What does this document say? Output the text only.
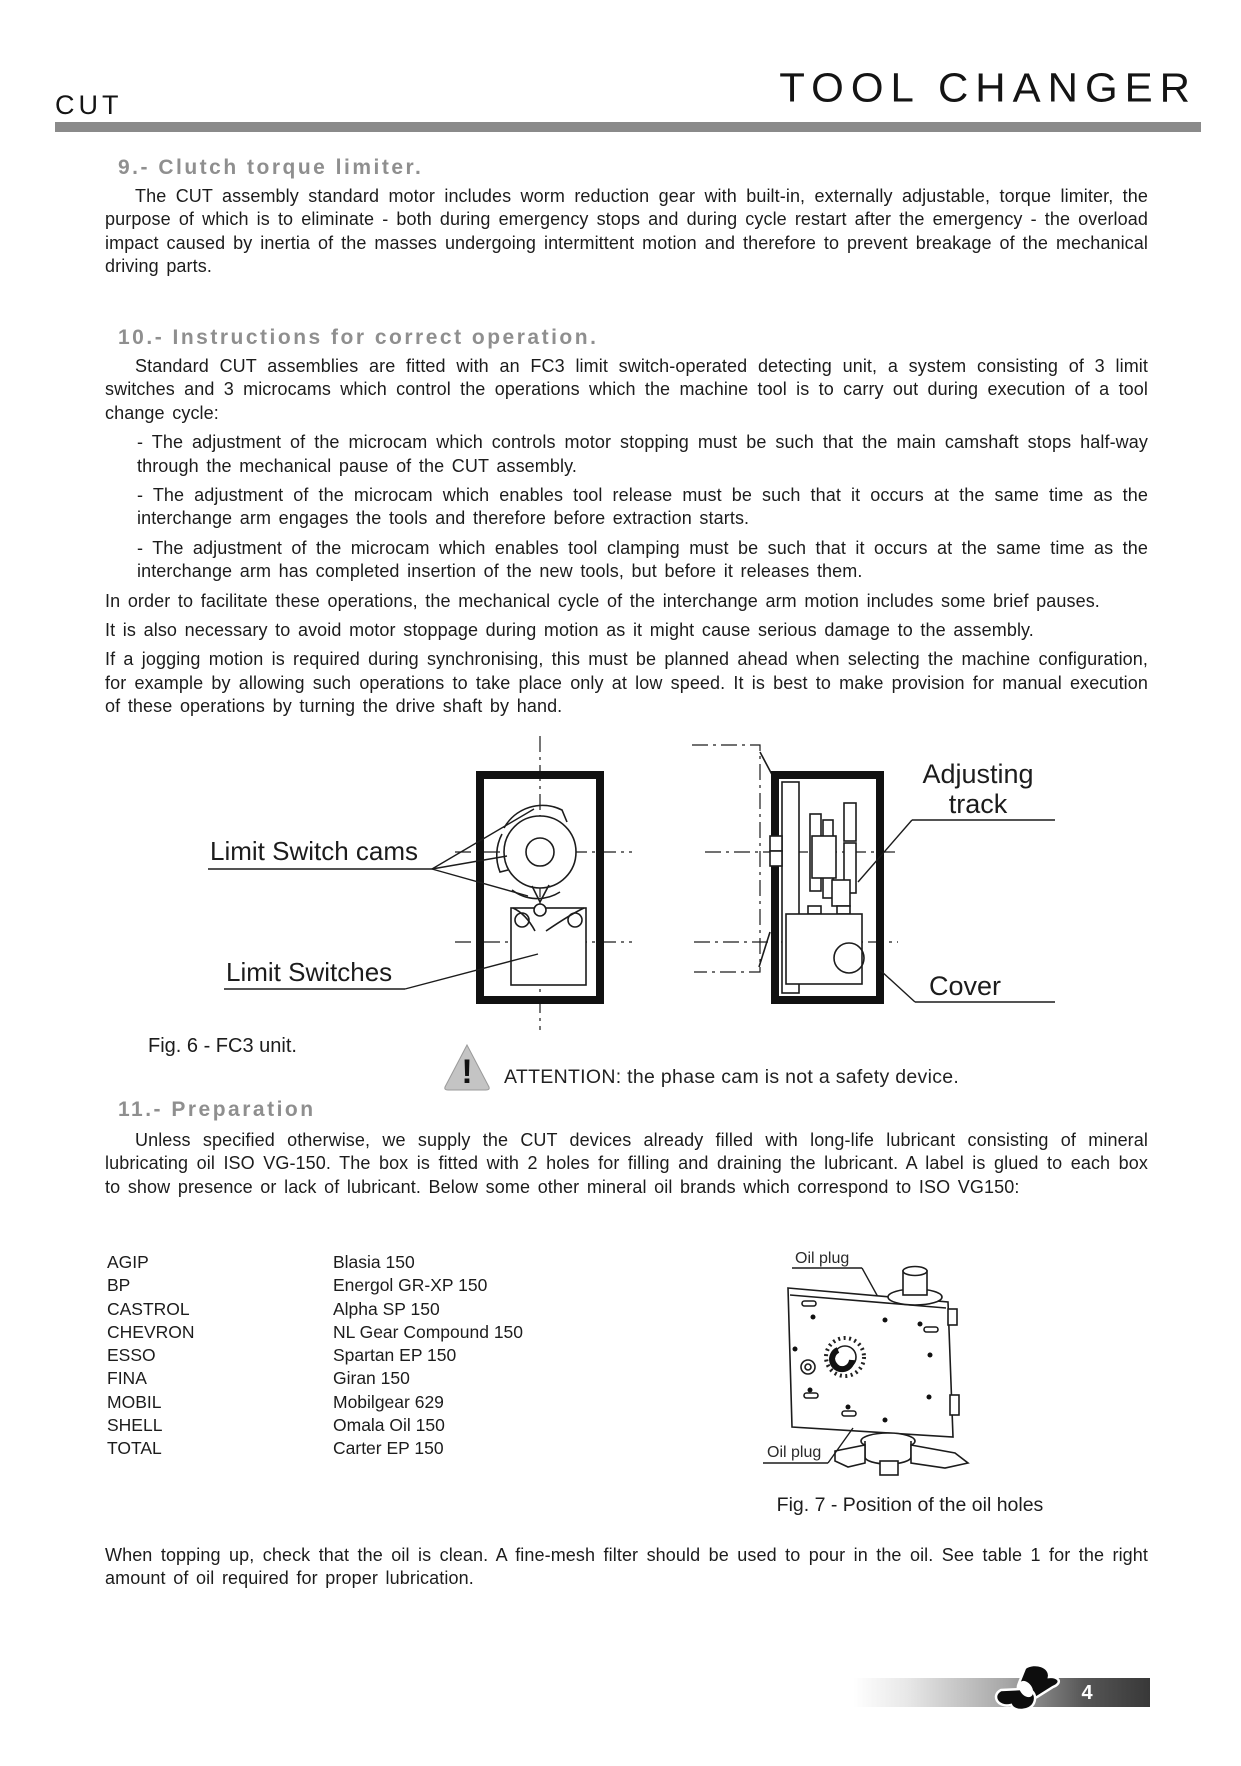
CUT	TOOL CHANGER
9.- Clutch torque limiter.

The CUT assembly standard motor includes worm reduction gear with built-in, externally adjustable, torque limiter, the purpose of which is to eliminate - both during emergency stops and during cycle restart after the emergency - the overload impact caused by inertia of the masses undergoing intermittent motion and therefore to prevent breakage of the mechanical driving parts.

10.- Instructions for correct operation.

Standard CUT assemblies are fitted with an FC3 limit switch-operated detecting unit, a system consisting of 3 limit switches and 3 microcams which control the operations which the machine tool is to carry out during execution of a tool change cycle:

- The adjustment of the microcam which controls motor stopping must be such that the main camshaft stops half-way through the mechanical pause of the CUT assembly.

- The adjustment of the microcam which enables tool release must be such that it occurs at the same time as the interchange arm engages the tools and therefore before extraction starts.

- The adjustment of the microcam which enables tool clamping must be such that it occurs at the same time as the interchange arm has completed insertion of the new tools, but before it releases them.

In order to facilitate these operations, the mechanical cycle of the interchange arm motion includes some brief pauses.

It is also necessary to avoid motor stoppage during motion as it might cause serious damage to the assembly.

If a jogging motion is required during synchronising, this must be planned ahead when selecting the machine configuration, for example by allowing such operations to take place only at low speed. It is best to make provision for manual execution of these operations by turning the drive shaft by hand.

Limit Switch cams
Limit Switches
Adjusting
track
Cover
Fig. 6 - FC3 unit.
! ATTENTION: the phase cam is not a safety device.
11.- Preparation

Unless specified otherwise, we supply the CUT devices already filled with long-life lubricant consisting of mineral lubricating oil ISO VG-150. The box is fitted with 2 holes for filling and draining the lubricant. A label is glued to each box to show presence or lack of lubricant. Below some other mineral oil brands which correspond to ISO VG150:

AGIP	Blasia 150
BP	Energol GR-XP 150
CASTROL	Alpha SP 150
CHEVRON	NL Gear Compound 150
ESSO	Spartan EP 150
FINA	Giran 150
MOBIL	Mobilgear 629
SHELL	Omala Oil 150
TOTAL	Carter EP 150
Oil plug
Oil plug
Fig. 7 - Position of the oil holes

When topping up, check that the oil is clean. A fine-mesh filter should be used to pour in the oil. See table 1 for the right amount of oil required for proper lubrication.

4
